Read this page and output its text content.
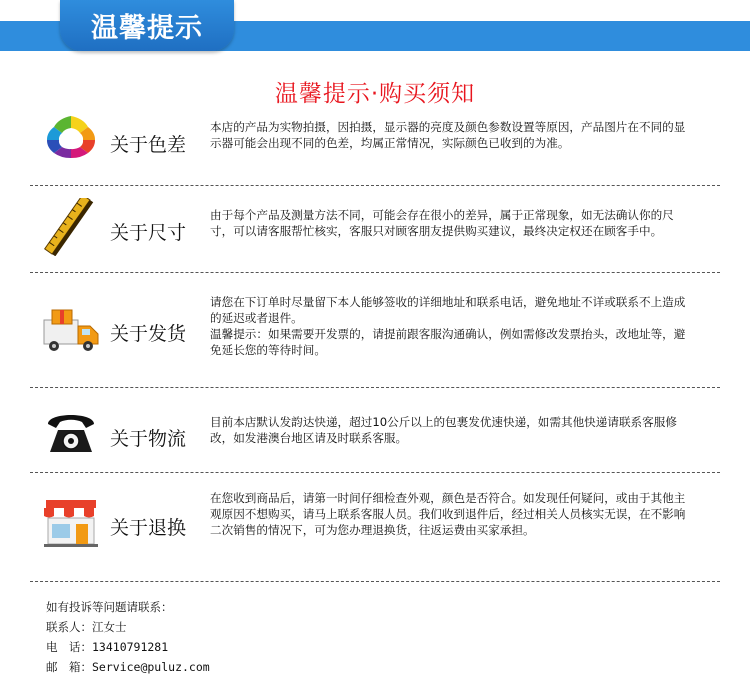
温馨提示
温馨提示·购买须知
关于色差
本店的产品为实物拍摄，因拍摄，显示器的亮度及颜色参数设置等原因，产品图片在不同的显示器可能会出现不同的色差，均属正常情况，实际颜色已收到的为准。
关于尺寸
由于每个产品及测量方法不同，可能会存在很小的差异，属于正常现象，如无法确认你的尺寸，可以请客服帮忙核实，客服只对顾客朋友提供购买建议，最终决定权还在顾客手中。
关于发货
请您在下订单时尽量留下本人能够签收的详细地址和联系电话，避免地址不详或联系不上造成的延迟或者退件。
温馨提示：如果需要开发票的，请提前跟客服沟通确认，例如需修改发票抬头，改地址等，避免延长您的等待时间。
关于物流
目前本店默认发韵达快递，超过10公斤以上的包裹发优速快递，如需其他快递请联系客服修改，如发港澳台地区请及时联系客服。
关于退换
在您收到商品后，请第一时间仔细检查外观，颜色是否符合。如发现任何疑问，或由于其他主观原因不想购买，请马上联系客服人员。我们收到退件后，经过相关人员核实无误，在不影响二次销售的情况下，可为您办理退换货，往返运费由买家承担。
如有投诉等问题请联系：
联系人：江女士
电　话：13410791281
邮　箱：Service@puluz.com
